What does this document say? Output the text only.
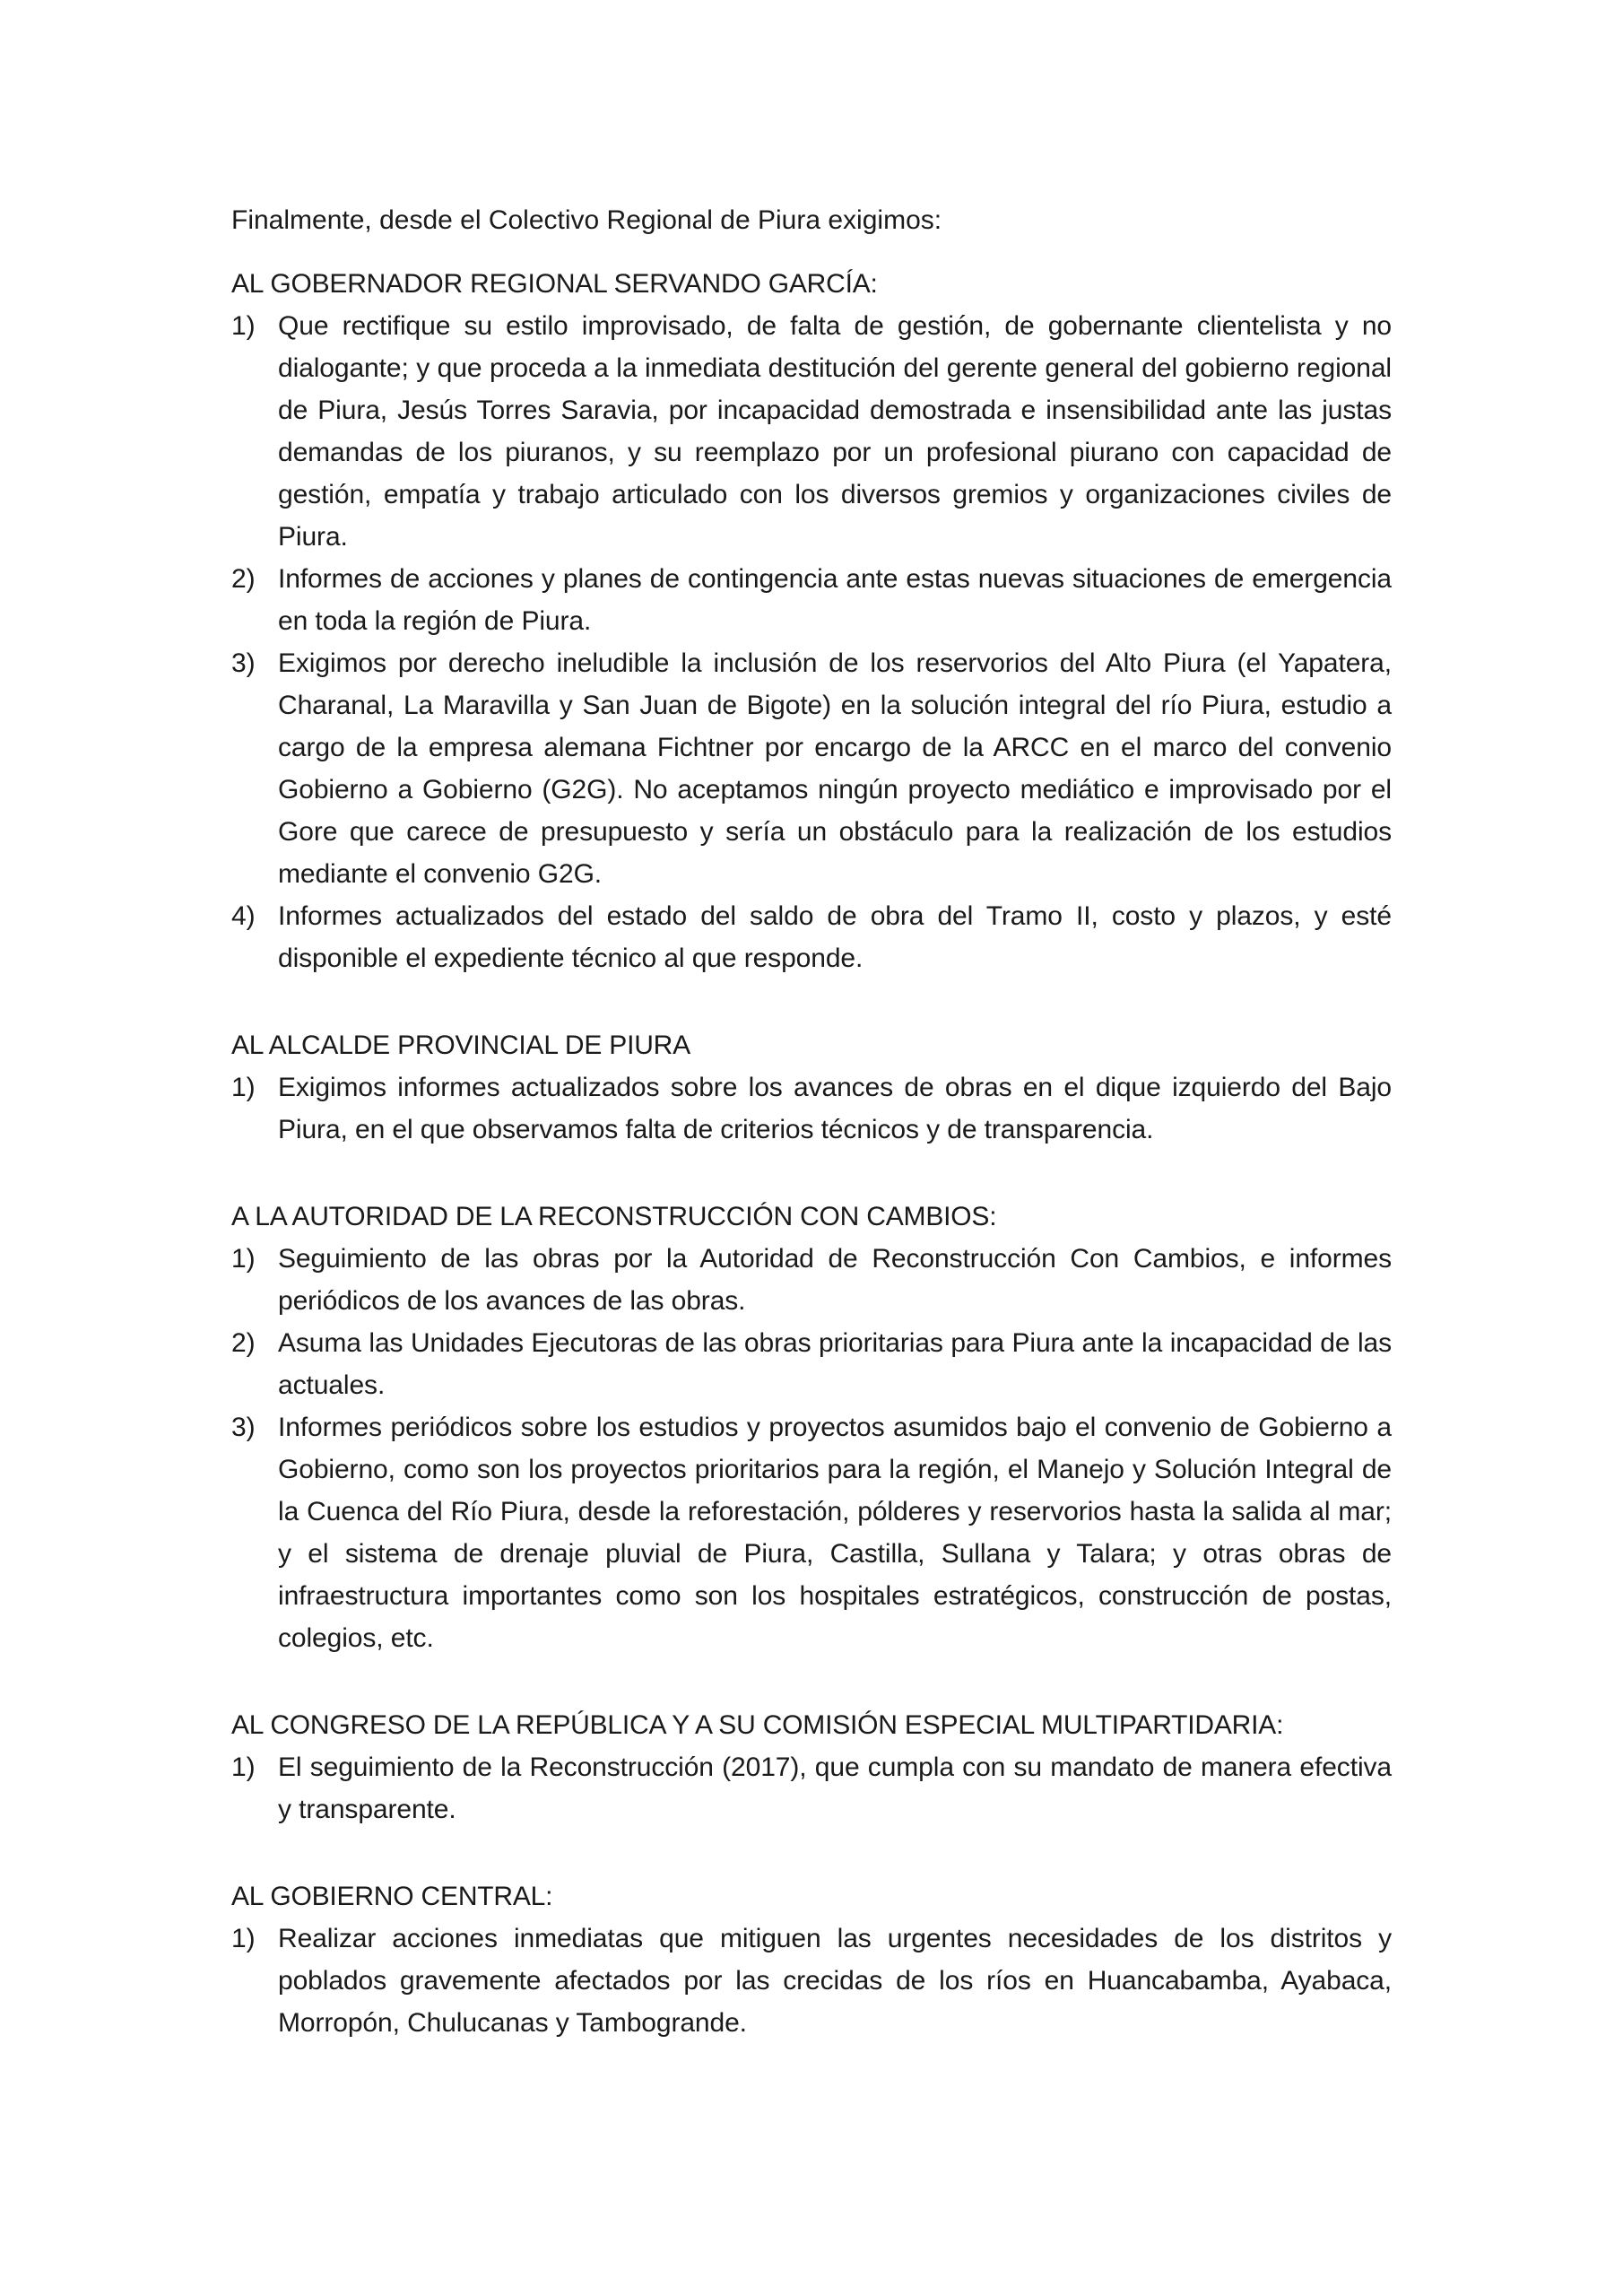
Finalmente, desde el Colectivo Regional de Piura exigimos:

AL GOBERNADOR REGIONAL SERVANDO GARCÍA:
1) Que rectifique su estilo improvisado, de falta de gestión, de gobernante clientelista y no dialogante; y que proceda a la inmediata destitución del gerente general del gobierno regional de Piura, Jesús Torres Saravia, por incapacidad demostrada e insensibilidad ante las justas demandas de los piuranos, y su reemplazo por un profesional piurano con capacidad de gestión, empatía y trabajo articulado con los diversos gremios y organizaciones civiles de Piura.
2) Informes de acciones y planes de contingencia ante estas nuevas situaciones de emergencia en toda la región de Piura.
3) Exigimos por derecho ineludible la inclusión de los reservorios del Alto Piura (el Yapatera, Charanal, La Maravilla y San Juan de Bigote) en la solución integral del río Piura, estudio a cargo de la empresa alemana Fichtner por encargo de la ARCC en el marco del convenio Gobierno a Gobierno (G2G). No aceptamos ningún proyecto mediático e improvisado por el Gore que carece de presupuesto y sería un obstáculo para la realización de los estudios mediante el convenio G2G.
4) Informes actualizados del estado del saldo de obra del Tramo II, costo y plazos, y esté disponible el expediente técnico al que responde.
AL ALCALDE PROVINCIAL DE PIURA
1) Exigimos informes actualizados sobre los avances de obras en el dique izquierdo del Bajo Piura, en el que observamos falta de criterios técnicos y de transparencia.
A LA AUTORIDAD DE LA RECONSTRUCCIÓN CON CAMBIOS:
1) Seguimiento de las obras por la Autoridad de Reconstrucción Con Cambios, e informes periódicos de los avances de las obras.
2) Asuma las Unidades Ejecutoras de las obras prioritarias para Piura ante la incapacidad de las actuales.
3) Informes periódicos sobre los estudios y proyectos asumidos bajo el convenio de Gobierno a Gobierno, como son los proyectos prioritarios para la región, el Manejo y Solución Integral de la Cuenca del Río Piura, desde la reforestación, pólderes y reservorios hasta la salida al mar; y el sistema de drenaje pluvial de Piura, Castilla, Sullana y Talara; y otras obras de infraestructura importantes como son los hospitales estratégicos, construcción de postas, colegios, etc.
AL CONGRESO DE LA REPÚBLICA Y A SU COMISIÓN ESPECIAL MULTIPARTIDARIA:
1) El seguimiento de la Reconstrucción (2017), que cumpla con su mandato de manera efectiva y transparente.
AL GOBIERNO CENTRAL:
1) Realizar acciones inmediatas que mitiguen las urgentes necesidades de los distritos y poblados gravemente afectados por las crecidas de los ríos en Huancabamba, Ayabaca, Morropón, Chulucanas y Tambogrande.
